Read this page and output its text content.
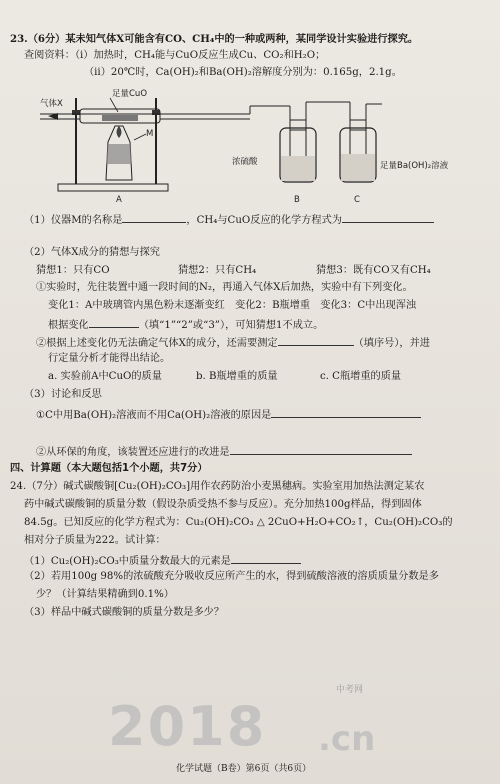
23.（6分）某未知气体X可能含有CO、CH₄中的一种或两种，某同学设计实验进行探究。
查阅资料：（ⅰ）加热时，CH₄能与CuO反应生成Cu、CO₂和H₂O；
（ⅱ）20℃时，Ca(OH)₂和Ba(OH)₂溶解度分别为：0.165g，2.1g。
气体X
足量CuO
M
A
浓硫酸
B	C
足量Ba(OH)₂溶液
（1）仪器M的名称是	，CH₄与CuO反应的化学方程式为
（2）气体X成分的猜想与探究
猜想1：只有CO	猜想2：只有CH₄	猜想3：既有CO又有CH₄
①实验时，先往装置中通一段时间的N₂，再通入气体X后加热，实验中有下列变化。
变化1：A中玻璃管内黑色粉末逐渐变红　变化2：B瓶增重　变化3：C中出现浑浊
根据变化	（填“1”“2”或“3”），可知猜想1不成立。
②根据上述变化仍无法确定气体X的成分，还需要测定	（填序号），并进
行定量分析才能得出结论。
a. 实验前A中CuO的质量	b. B瓶增重的质量	c. C瓶增重的质量
（3）讨论和反思
①C中用Ba(OH)₂溶液而不用Ca(OH)₂溶液的原因是
②从环保的角度，该装置还应进行的改进是
四、计算题（本大题包括1个小题，共7分）
24.（7分）碱式碳酸铜[Cu₂(OH)₂CO₃]用作农药防治小麦黑穗病。实验室用加热法测定某农
药中碱式碳酸铜的质量分数（假设杂质受热不参与反应）。充分加热100g样品，得到固体
84.5g。已知反应的化学方程式为：Cu₂(OH)₂CO₃ △ 2CuO+H₂O+CO₂↑，Cu₂(OH)₂CO₃的
相对分子质量为222。试计算：
（1）Cu₂(OH)₂CO₃中质量分数最大的元素是
（2）若用100g 98%的浓硫酸充分吸收反应所产生的水，得到硫酸溶液的溶质质量分数是多
少？（计算结果精确到0.1%）
（3）样品中碱式碳酸铜的质量分数是多少？
中考网
2018 .cn
化学试题（B卷）第6页（共6页）
